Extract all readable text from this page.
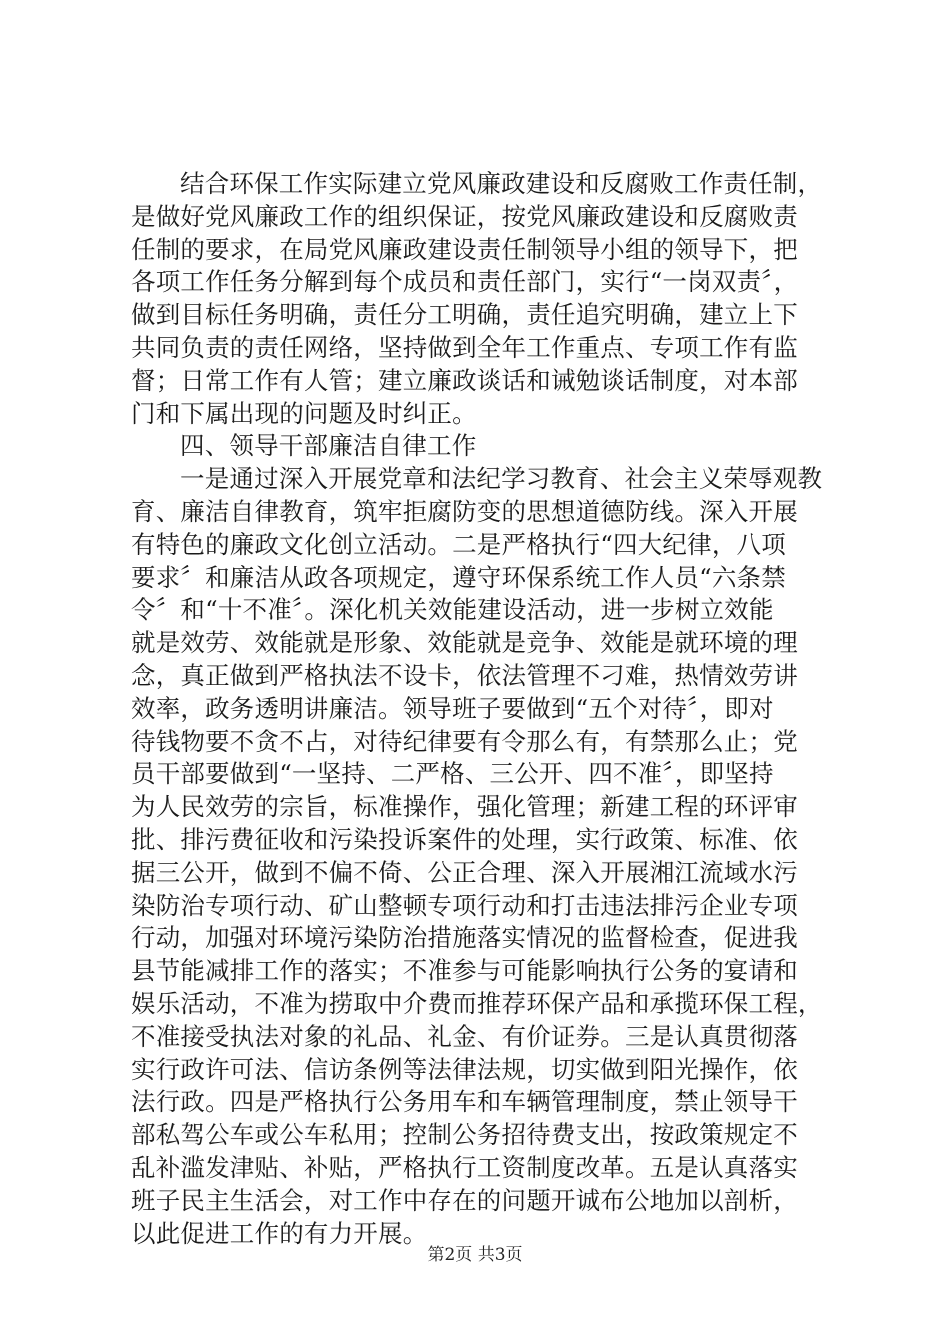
结合环保工作实际建立党风廉政建设和反腐败工作责任制，
是做好党风廉政工作的组织保证，按党风廉政建设和反腐败责
任制的要求，在局党风廉政建设责任制领导小组的领导下，把
各项工作任务分解到每个成员和责任部门，实行“一岗双责〞，
做到目标任务明确，责任分工明确，责任追究明确，建立上下
共同负责的责任网络，坚持做到全年工作重点、专项工作有监
督；日常工作有人管；建立廉政谈话和诫勉谈话制度，对本部
门和下属出现的问题及时纠正。
四、领导干部廉洁自律工作
一是通过深入开展党章和法纪学习教育、社会主义荣辱观教
育、廉洁自律教育，筑牢拒腐防变的思想道德防线。深入开展
有特色的廉政文化创立活动。二是严格执行“四大纪律，八项
要求〞和廉洁从政各项规定，遵守环保系统工作人员“六条禁
令〞和“十不准〞。深化机关效能建设活动，进一步树立效能
就是效劳、效能就是形象、效能就是竞争、效能是就环境的理
念，真正做到严格执法不设卡，依法管理不刁难，热情效劳讲
效率，政务透明讲廉洁。领导班子要做到“五个对待〞，即对
待钱物要不贪不占，对待纪律要有令那么有，有禁那么止；党
员干部要做到“一坚持、二严格、三公开、四不准〞，即坚持
为人民效劳的宗旨，标准操作，强化管理；新建工程的环评审
批、排污费征收和污染投诉案件的处理，实行政策、标准、依
据三公开，做到不偏不倚、公正合理、深入开展湘江流域水污
染防治专项行动、矿山整顿专项行动和打击违法排污企业专项
行动，加强对环境污染防治措施落实情况的监督检查，促进我
县节能减排工作的落实；不准参与可能影响执行公务的宴请和
娱乐活动，不准为捞取中介费而推荐环保产品和承揽环保工程，
不准接受执法对象的礼品、礼金、有价证券。三是认真贯彻落
实行政许可法、信访条例等法律法规，切实做到阳光操作，依
法行政。四是严格执行公务用车和车辆管理制度，禁止领导干
部私驾公车或公车私用；控制公务招待费支出，按政策规定不
乱补滥发津贴、补贴，严格执行工资制度改革。五是认真落实
班子民主生活会，对工作中存在的问题开诚布公地加以剖析，
以此促进工作的有力开展。
第2页 共3页
